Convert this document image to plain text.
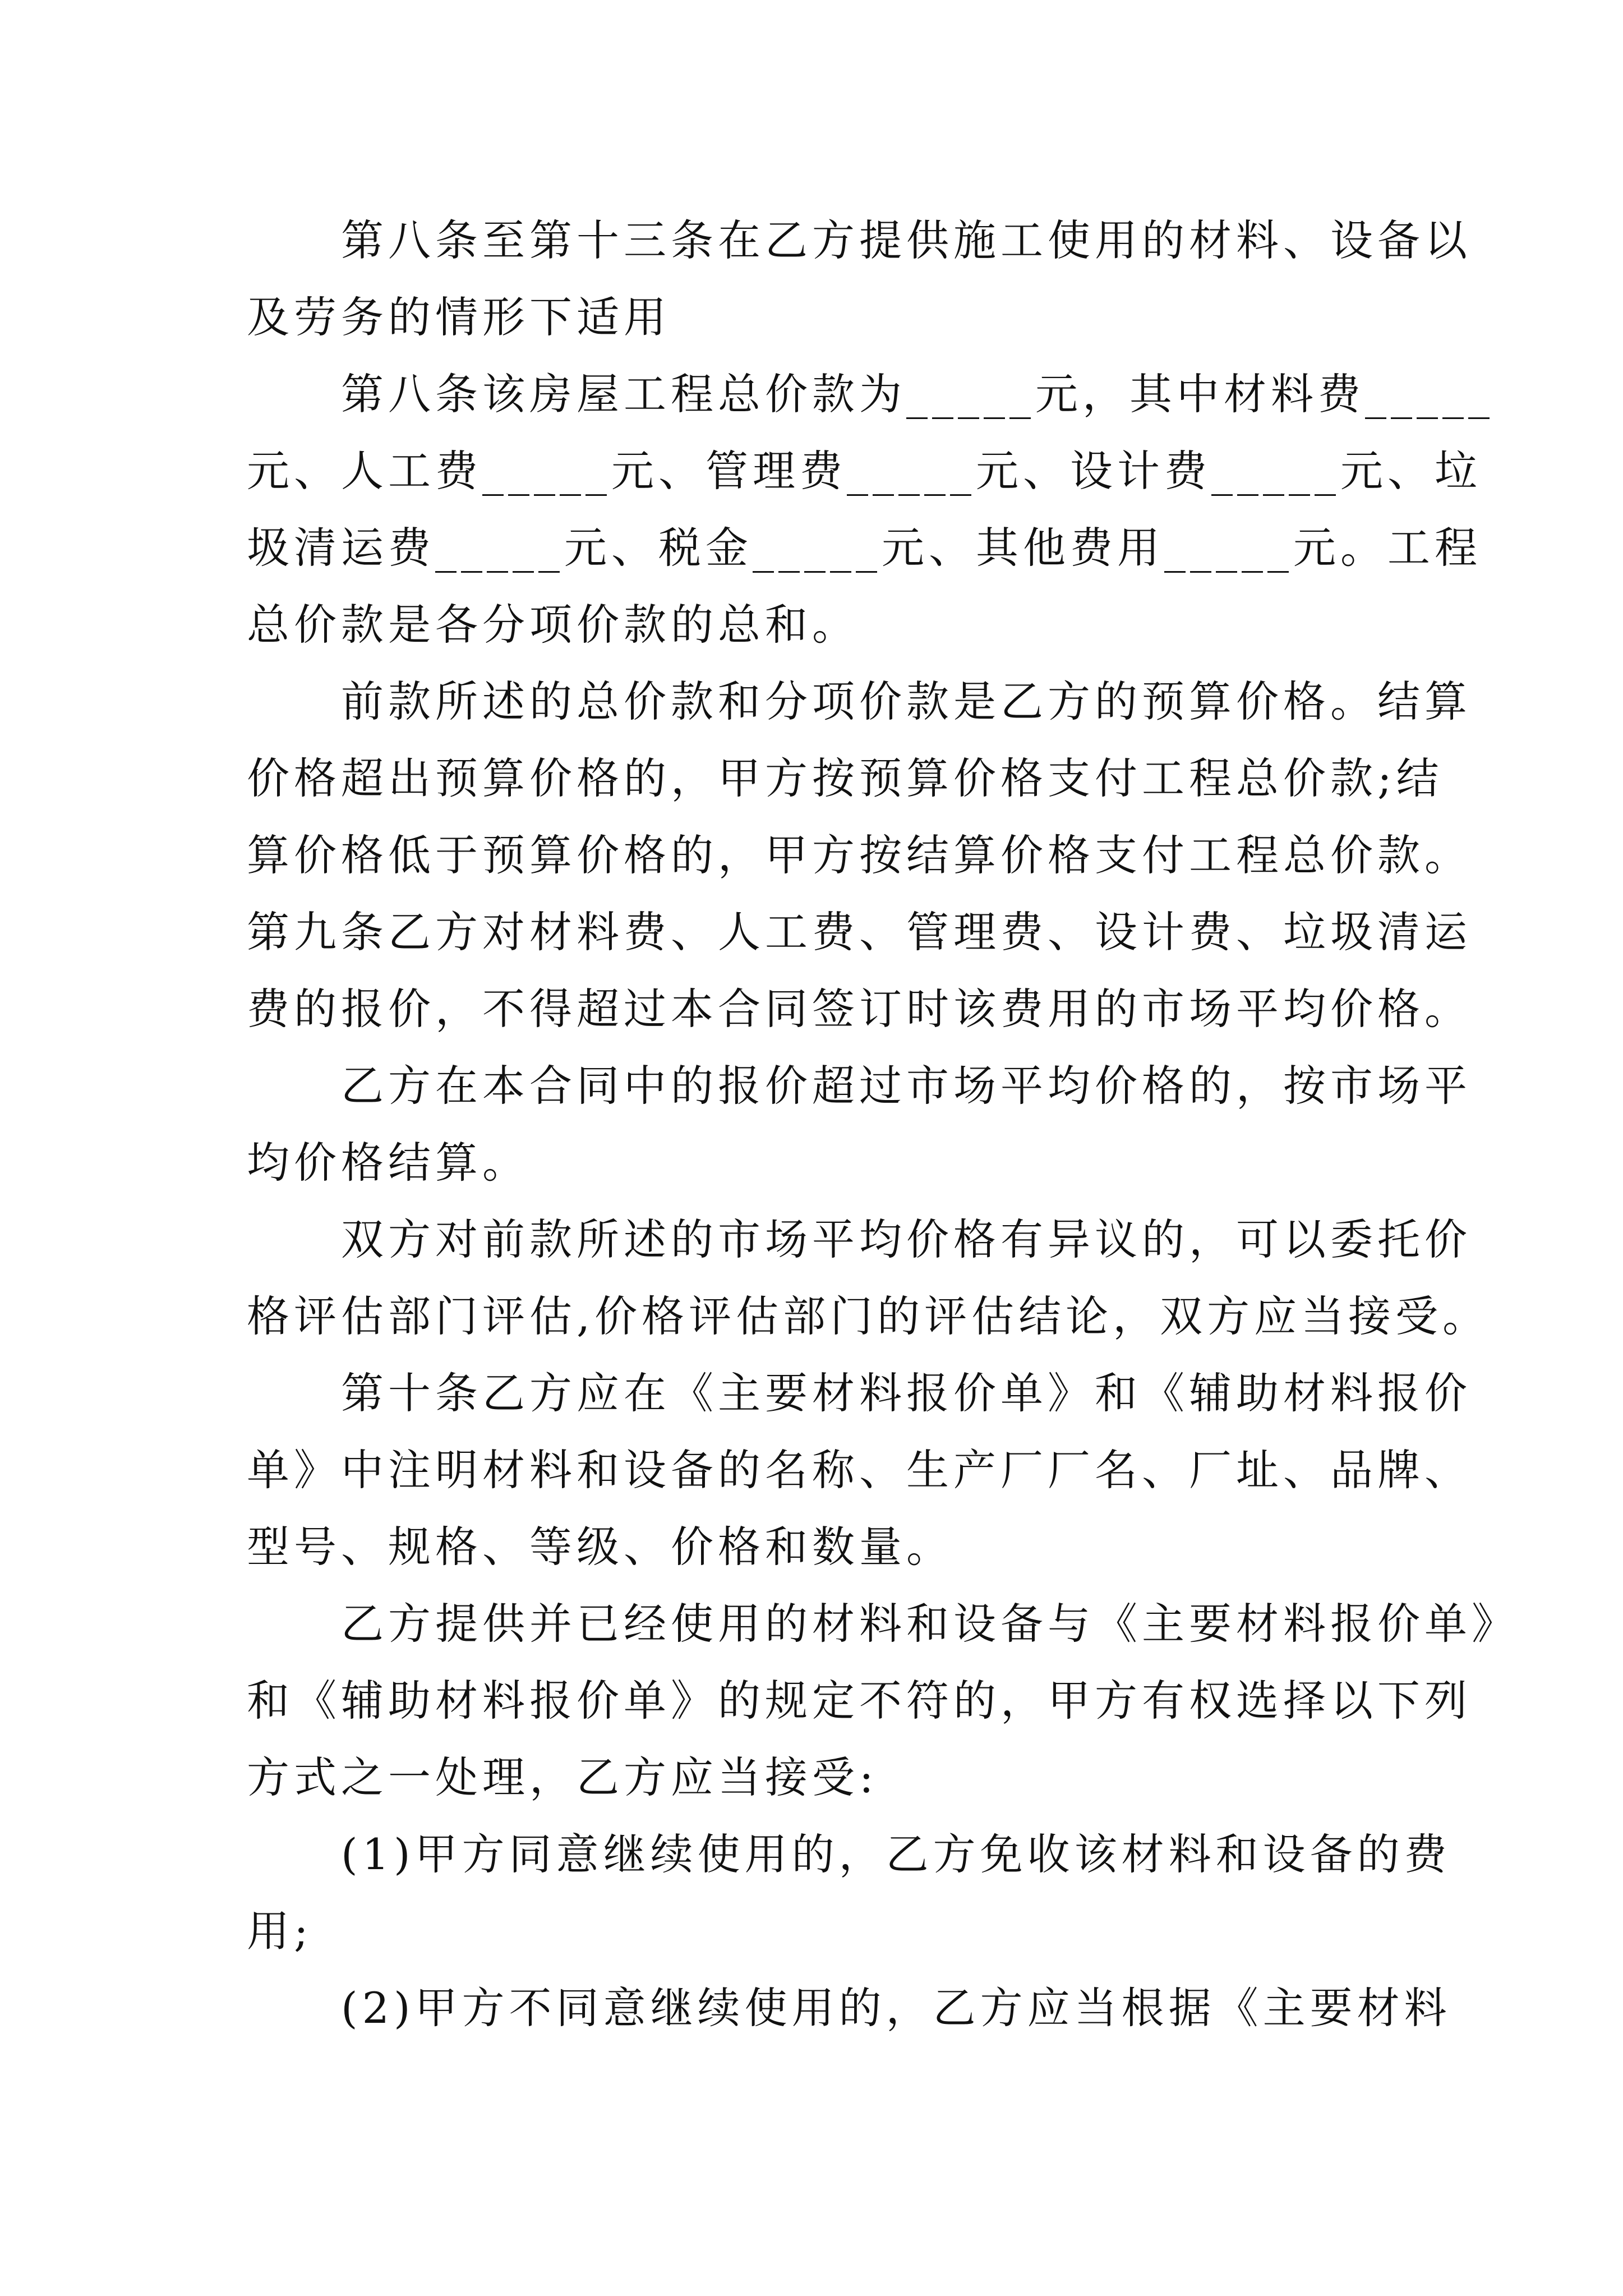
　　第八条至第十三条在乙方提供施工使用的材料、设备以
及劳务的情形下适用
　　第八条该房屋工程总价款为_____元，其中材料费_____
元、人工费_____元、管理费_____元、设计费_____元、垃
圾清运费_____元、税金_____元、其他费用_____元。工程
总价款是各分项价款的总和。
　　前款所述的总价款和分项价款是乙方的预算价格。结算
价格超出预算价格的，甲方按预算价格支付工程总价款;结
算价格低于预算价格的，甲方按结算价格支付工程总价款。
第九条乙方对材料费、人工费、管理费、设计费、垃圾清运
费的报价，不得超过本合同签订时该费用的市场平均价格。
　　乙方在本合同中的报价超过市场平均价格的，按市场平
均价格结算。
　　双方对前款所述的市场平均价格有异议的，可以委托价
格评估部门评估,价格评估部门的评估结论，双方应当接受。
　　第十条乙方应在《主要材料报价单》和《辅助材料报价
单》中注明材料和设备的名称、生产厂厂名、厂址、品牌、
型号、规格、等级、价格和数量。
　　乙方提供并已经使用的材料和设备与《主要材料报价单》
和《辅助材料报价单》的规定不符的，甲方有权选择以下列
方式之一处理，乙方应当接受:
　　(1)甲方同意继续使用的，乙方免收该材料和设备的费
用;
　　(2)甲方不同意继续使用的，乙方应当根据《主要材料
